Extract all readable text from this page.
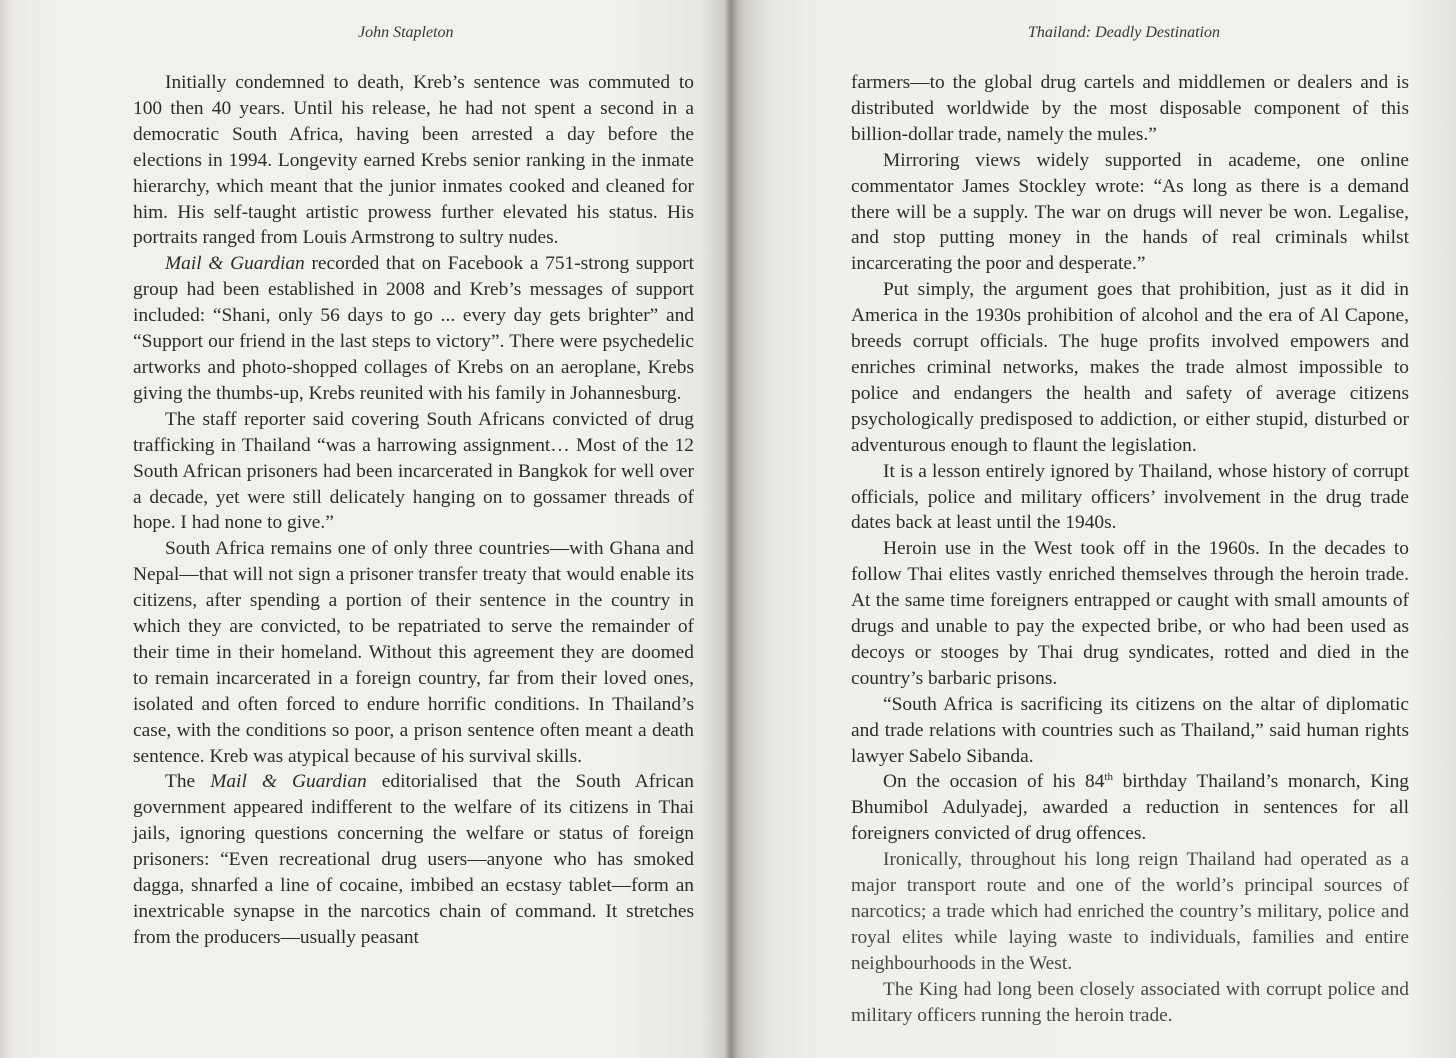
John Stapleton

Initially condemned to death, Kreb’s sentence was commuted to 100 then 40 years. Until his release, he had not spent a second in a democratic South Africa, having been arrested a day before the elections in 1994. Longevity earned Krebs senior ranking in the inmate hierarchy, which meant that the junior inmates cooked and cleaned for him. His self-taught artistic prowess further elevated his status. His portraits ranged from Louis Armstrong to sultry nudes.

Mail & Guardian recorded that on Facebook a 751-strong support group had been established in 2008 and Kreb’s messages of support included: “Shani, only 56 days to go ... every day gets brighter” and “Support our friend in the last steps to victory”. There were psychedelic artworks and photo-shopped collages of Krebs on an aeroplane, Krebs giving the thumbs-up, Krebs reunited with his family in Johannesburg.

The staff reporter said covering South Africans convicted of drug trafficking in Thailand “was a harrowing assignment… Most of the 12 South African prisoners had been incarcerated in Bangkok for well over a decade, yet were still delicately hanging on to gossamer threads of hope. I had none to give.”

South Africa remains one of only three countries—with Ghana and Nepal—that will not sign a prisoner transfer treaty that would enable its citizens, after spending a portion of their sentence in the country in which they are convicted, to be repatriated to serve the remainder of their time in their homeland. Without this agreement they are doomed to remain incarcerated in a foreign country, far from their loved ones, isolated and often forced to endure horrific conditions. In Thailand’s case, with the conditions so poor, a prison sentence often meant a death sentence. Kreb was atypical because of his survival skills.

The Mail & Guardian editorialised that the South African government appeared indifferent to the welfare of its citizens in Thai jails, ignoring questions concerning the welfare or status of foreign prisoners: “Even recreational drug users—anyone who has smoked dagga, shnarfed a line of cocaine, imbibed an ecstasy tablet—form an inextricable synapse in the narcotics chain of command. It stretches from the producers—usually peasant

Thailand: Deadly Destination

farmers—to the global drug cartels and middlemen or dealers and is distributed worldwide by the most disposable component of this billion-dollar trade, namely the mules.”

Mirroring views widely supported in academe, one online commentator James Stockley wrote: “As long as there is a demand there will be a supply. The war on drugs will never be won. Legalise, and stop putting money in the hands of real criminals whilst incarcerating the poor and desperate.”

Put simply, the argument goes that prohibition, just as it did in America in the 1930s prohibition of alcohol and the era of Al Capone, breeds corrupt officials. The huge profits involved empowers and enriches criminal networks, makes the trade almost impossible to police and endangers the health and safety of average citizens psychologically predisposed to addiction, or either stupid, disturbed or adventurous enough to flaunt the legislation.

It is a lesson entirely ignored by Thailand, whose history of corrupt officials, police and military officers’ involvement in the drug trade dates back at least until the 1940s.

Heroin use in the West took off in the 1960s. In the decades to follow Thai elites vastly enriched themselves through the heroin trade. At the same time foreigners entrapped or caught with small amounts of drugs and unable to pay the expected bribe, or who had been used as decoys or stooges by Thai drug syndicates, rotted and died in the country’s barbaric prisons.

“South Africa is sacrificing its citizens on the altar of diplomatic and trade relations with countries such as Thailand,” said human rights lawyer Sabelo Sibanda.

On the occasion of his 84th birthday Thailand’s monarch, King Bhumibol Adulyadej, awarded a reduction in sentences for all foreigners convicted of drug offences.

Ironically, throughout his long reign Thailand had operated as a major transport route and one of the world’s principal sources of narcotics; a trade which had enriched the country’s military, police and royal elites while laying waste to individuals, families and entire neighbourhoods in the West.

The King had long been closely associated with corrupt police and military officers running the heroin trade.
